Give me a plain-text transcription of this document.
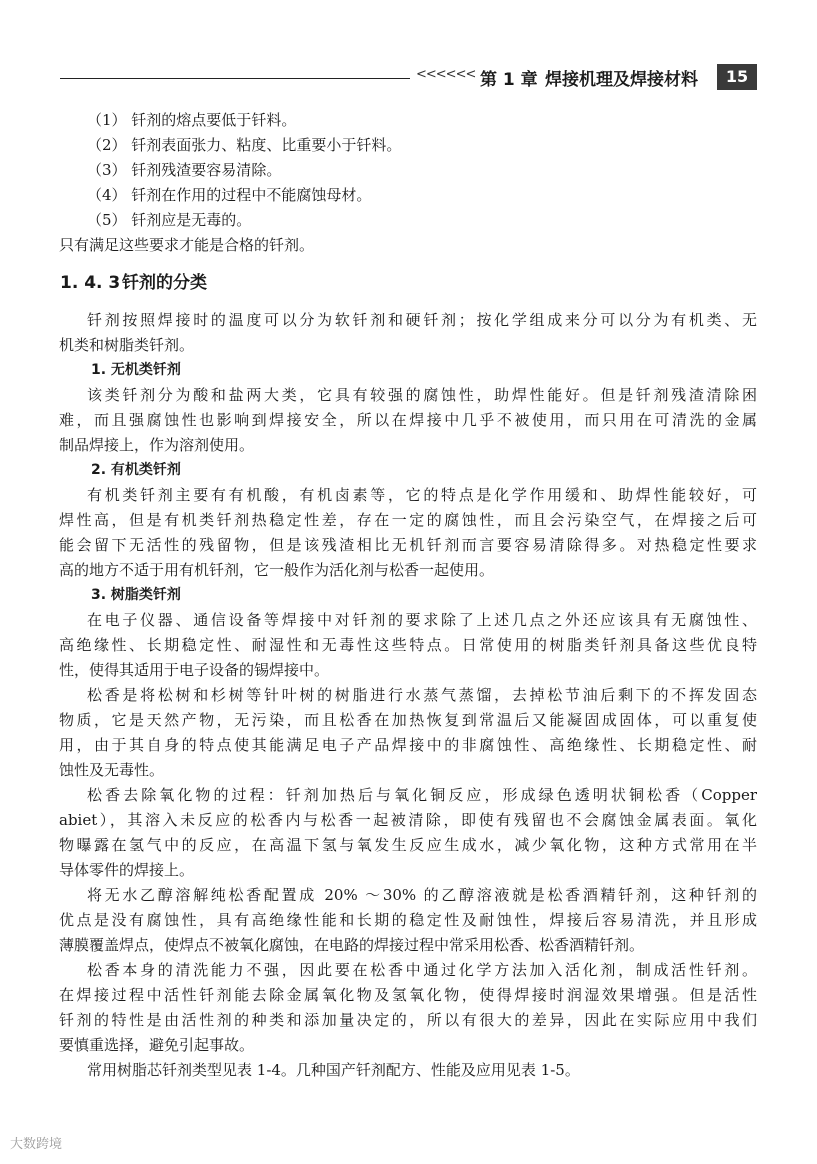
<<<<<< 第 1 章 焊接机理及焊接材料	15
（1） 钎剂的熔点要低于钎料。
（2） 钎剂表面张力、粘度、比重要小于钎料。
（3） 钎剂残渣要容易清除。
（4） 钎剂在作用的过程中不能腐蚀母材。
（5） 钎剂应是无毒的。
只有满足这些要求才能是合格的钎剂。
1. 4. 3 钎剂的分类
钎剂按照焊接时的温度可以分为软钎剂和硬钎剂；按化学组成来分可以分为有机类、无
机类和树脂类钎剂。
1. 无机类钎剂
该类钎剂分为酸和盐两大类，它具有较强的腐蚀性，助焊性能好。但是钎剂残渣清除困
难，而且强腐蚀性也影响到焊接安全，所以在焊接中几乎不被使用，而只用在可清洗的金属
制品焊接上，作为溶剂使用。
2. 有机类钎剂
有机类钎剂主要有有机酸，有机卤素等，它的特点是化学作用缓和、助焊性能较好，可
焊性高，但是有机类钎剂热稳定性差，存在一定的腐蚀性，而且会污染空气，在焊接之后可
能会留下无活性的残留物，但是该残渣相比无机钎剂而言要容易清除得多。对热稳定性要求
高的地方不适于用有机钎剂，它一般作为活化剂与松香一起使用。
3. 树脂类钎剂
在电子仪器、通信设备等焊接中对钎剂的要求除了上述几点之外还应该具有无腐蚀性、
高绝缘性、长期稳定性、耐湿性和无毒性这些特点。日常使用的树脂类钎剂具备这些优良特
性，使得其适用于电子设备的锡焊接中。
松香是将松树和杉树等针叶树的树脂进行水蒸气蒸馏，去掉松节油后剩下的不挥发固态
物质，它是天然产物，无污染，而且松香在加热恢复到常温后又能凝固成固体，可以重复使
用，由于其自身的特点使其能满足电子产品焊接中的非腐蚀性、高绝缘性、长期稳定性、耐
蚀性及无毒性。
松香去除氧化物的过程：钎剂加热后与氧化铜反应，形成绿色透明状铜松香（Copper
abiet），其溶入未反应的松香内与松香一起被清除，即使有残留也不会腐蚀金属表面。氧化
物曝露在氢气中的反应，在高温下氢与氧发生反应生成水，减少氧化物，这种方式常用在半
导体零件的焊接上。
将无水乙醇溶解纯松香配置成 20% ～30% 的乙醇溶液就是松香酒精钎剂，这种钎剂的
优点是没有腐蚀性，具有高绝缘性能和长期的稳定性及耐蚀性，焊接后容易清洗，并且形成
薄膜覆盖焊点，使焊点不被氧化腐蚀，在电路的焊接过程中常采用松香、松香酒精钎剂。
松香本身的清洗能力不强，因此要在松香中通过化学方法加入活化剂，制成活性钎剂。
在焊接过程中活性钎剂能去除金属氧化物及氢氧化物，使得焊接时润湿效果增强。但是活性
钎剂的特性是由活性剂的种类和添加量决定的，所以有很大的差异，因此在实际应用中我们
要慎重选择，避免引起事故。
常用树脂芯钎剂类型见表 1-4。几种国产钎剂配方、性能及应用见表 1-5。
大数跨境
